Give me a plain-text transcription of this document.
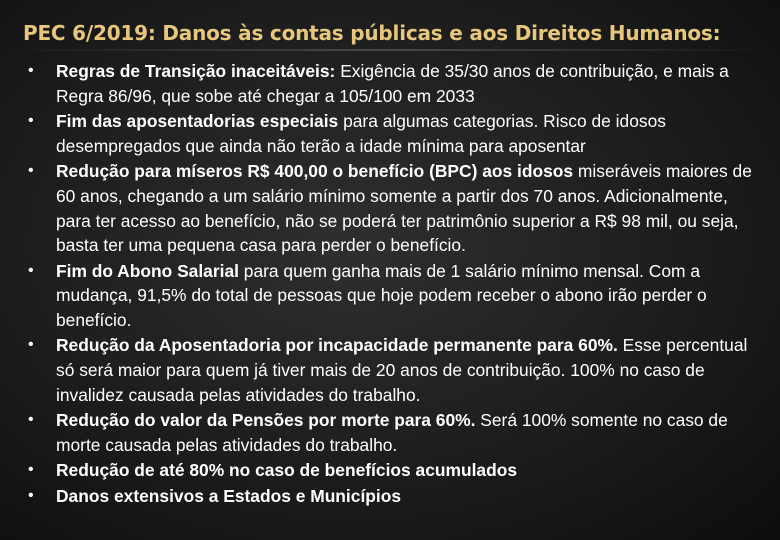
PEC 6/2019: Danos às contas públicas e aos Direitos Humanos:
• Regras de Transição inaceitáveis: Exigência de 35/30 anos de contribuição, e mais a Regra 86/96, que sobe até chegar a 105/100 em 2033
• Fim das aposentadorias especiais para algumas categorias. Risco de idosos desempregados que ainda não terão a idade mínima para aposentar
• Redução para míseros R$ 400,00 o benefício (BPC) aos idosos miseráveis maiores de 60 anos, chegando a um salário mínimo somente a partir dos 70 anos. Adicionalmente, para ter acesso ao benefício, não se poderá ter patrimônio superior a R$ 98 mil, ou seja, basta ter uma pequena casa para perder o benefício.
• Fim do Abono Salarial para quem ganha mais de 1 salário mínimo mensal. Com a mudança, 91,5% do total de pessoas que hoje podem receber o abono irão perder o benefício.
• Redução da Aposentadoria por incapacidade permanente para 60%. Esse percentual só será maior para quem já tiver mais de 20 anos de contribuição. 100% no caso de invalidez causada pelas atividades do trabalho.
• Redução do valor da Pensões por morte para 60%. Será 100% somente no caso de morte causada pelas atividades do trabalho.
• Redução de até 80% no caso de benefícios acumulados
• Danos extensivos a Estados e Municípios
